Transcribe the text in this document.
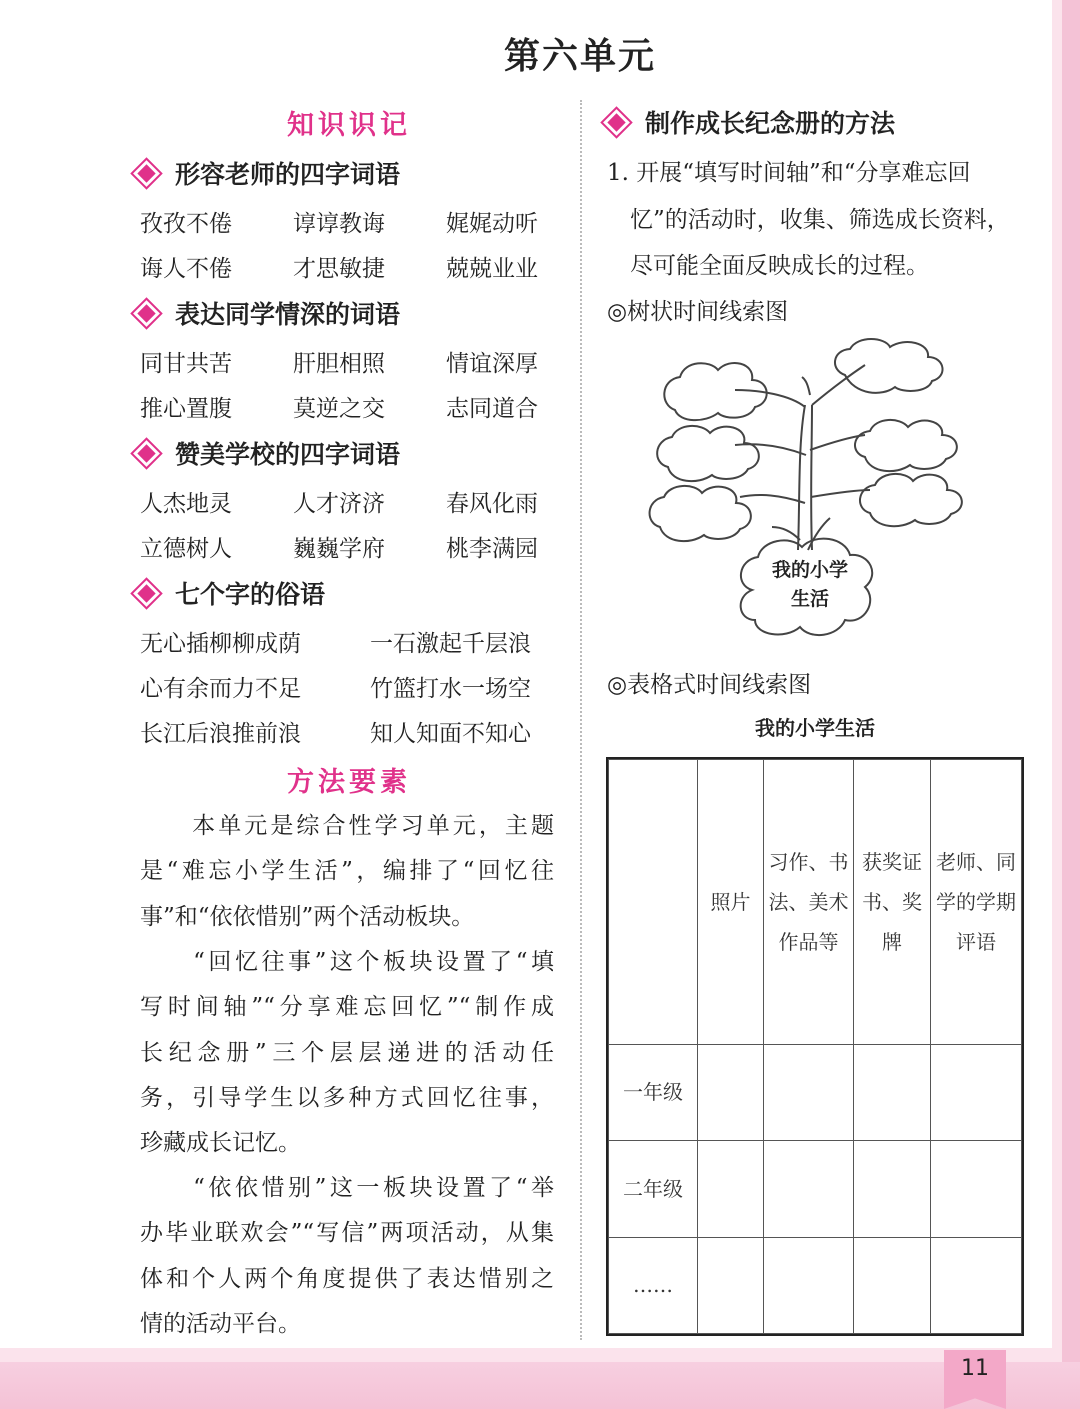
第六单元
知识识记
形容老师的四字词语
孜孜不倦	谆谆教诲	娓娓动听
诲人不倦	才思敏捷	兢兢业业
表达同学情深的词语
同甘共苦	肝胆相照	情谊深厚
推心置腹	莫逆之交	志同道合
赞美学校的四字词语
人杰地灵	人才济济	春风化雨
立德树人	巍巍学府	桃李满园
七个字的俗语
无心插柳柳成荫	一石激起千层浪
心有余而力不足	竹篮打水一场空
长江后浪推前浪	知人知面不知心
方法要素
　　本单元是综合性学习单元，主题
是“难忘小学生活”，编排了“回忆往
事”和“依依惜别”两个活动板块。
　　“回忆往事”这个板块设置了“填
写时间轴”“分享难忘回忆”“制作成
长纪念册”三个层层递进的活动任
务，引导学生以多种方式回忆往事，
珍藏成长记忆。
　　“依依惜别”这一板块设置了“举
办毕业联欢会”“写信”两项活动，从集
体和个人两个角度提供了表达惜别之
情的活动平台。
制作成长纪念册的方法
1. 开展“填写时间轴”和“分享难忘回
　忆”的活动时，收集、筛选成长资料，
　尽可能全面反映成长的过程。
◎树状时间线索图
我的小学
生活
◎表格式时间线索图
我的小学生活
	照片	习作、书法、美术作品等	获奖证书、奖牌	老师、同学的学期评语
一年级				
二年级				
……				
11
